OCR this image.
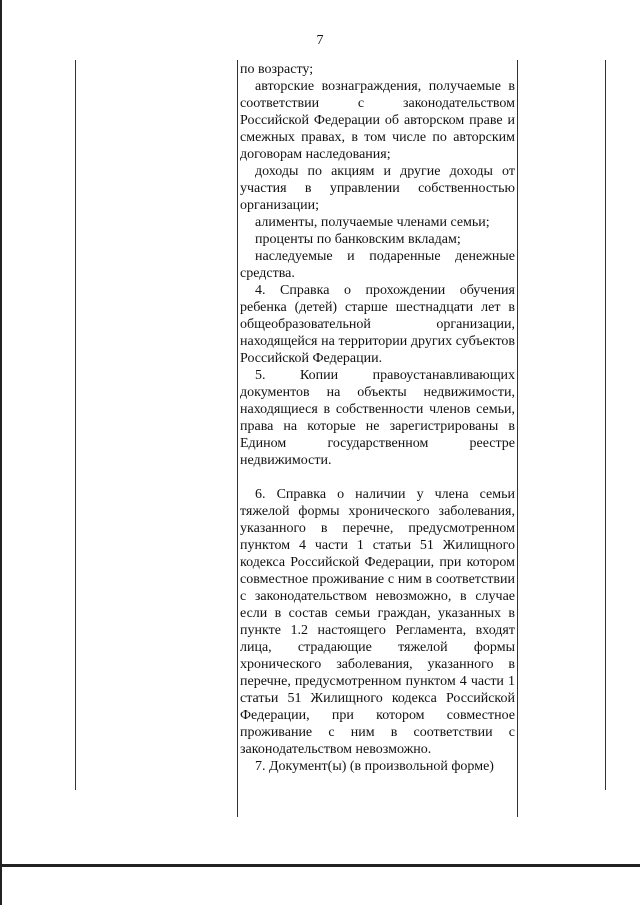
7

по возрасту;

авторские вознаграждения, получаемые в соответствии с законодательством Российской Федерации об авторском праве и смежных правах, в том числе по авторским договорам наследования;

доходы по акциям и другие доходы от участия в управлении собственностью организации;

алименты, получаемые членами семьи;

проценты по банковским вкладам;

наследуемые и подаренные денежные средства.

4. Справка о прохождении обучения ребенка (детей) старше шестнадцати лет в общеобразовательной организации, находящейся на территории других субъектов Российской Федерации.

5. Копии правоустанавливающих документов на объекты недвижимости, находящиеся в собственности членов семьи, права на которые не зарегистрированы в Едином государственном реестре недвижимости.

6. Справка о наличии у члена семьи тяжелой формы хронического заболевания, указанного в перечне, предусмотренном пунктом 4 части 1 статьи 51 Жилищного кодекса Российской Федерации, при котором совместное проживание с ним в соответствии с законодательством невозможно, в случае если в состав семьи граждан, указанных в пункте 1.2 настоящего Регламента, входят лица, страдающие тяжелой формы хронического заболевания, указанного в перечне, предусмотренном пунктом 4 части 1 статьи 51 Жилищного кодекса Российской Федерации, при котором совместное проживание с ним в соответствии с законодательством невозможно.

7. Документ(ы) (в произвольной форме)
